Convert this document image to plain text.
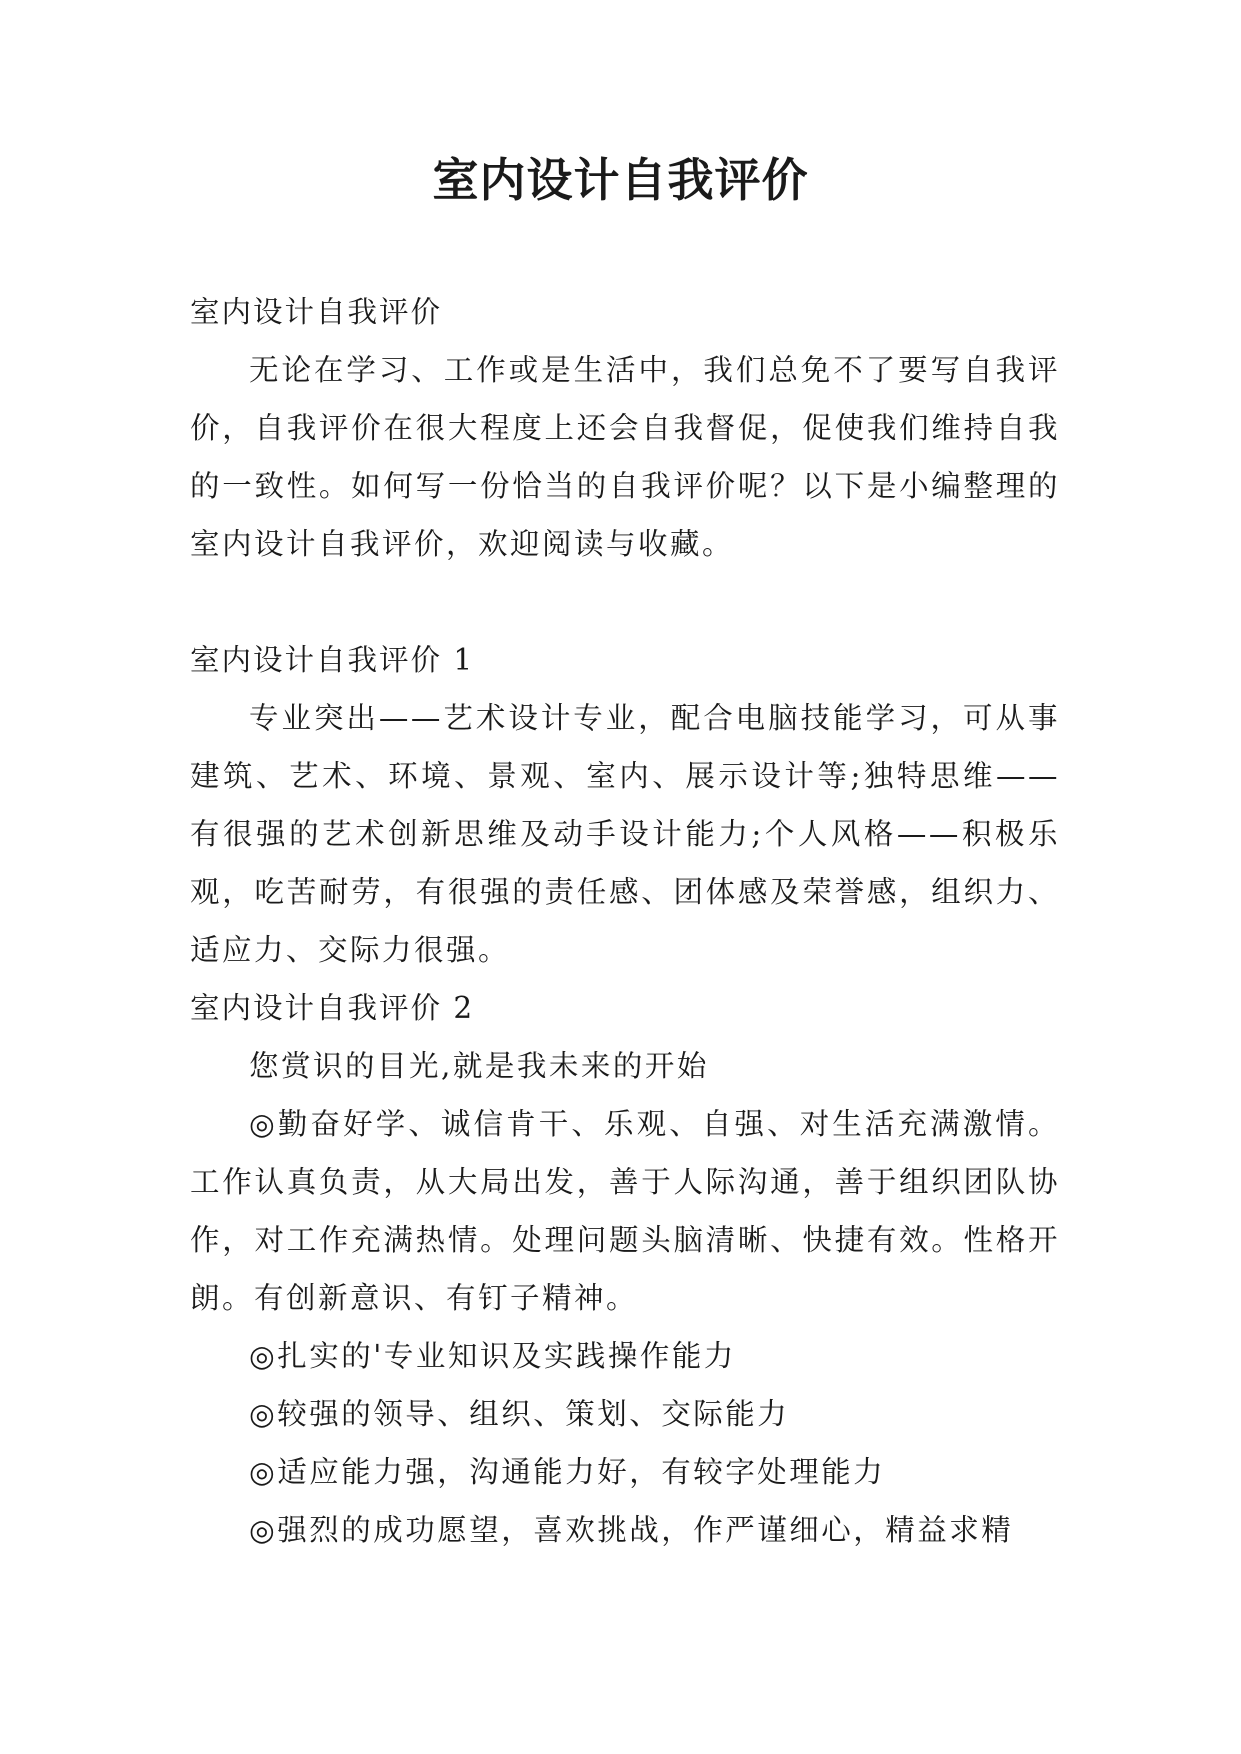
室内设计自我评价

室内设计自我评价

无论在学习、工作或是生活中，我们总免不了要写自我评价，自我评价在很大程度上还会自我督促，促使我们维持自我的一致性。如何写一份恰当的自我评价呢？以下是小编整理的室内设计自我评价，欢迎阅读与收藏。

室内设计自我评价 1

专业突出——艺术设计专业，配合电脑技能学习，可从事建筑、艺术、环境、景观、室内、展示设计等;独特思维——有很强的艺术创新思维及动手设计能力;个人风格——积极乐观，吃苦耐劳，有很强的责任感、团体感及荣誉感，组织力、适应力、交际力很强。

室内设计自我评价 2

您赏识的目光,就是我未来的开始

◎勤奋好学、诚信肯干、乐观、自强、对生活充满激情。工作认真负责，从大局出发，善于人际沟通，善于组织团队协作，对工作充满热情。处理问题头脑清晰、快捷有效。性格开朗。有创新意识、有钉子精神。

◎扎实的'专业知识及实践操作能力

◎较强的领导、组织、策划、交际能力

◎适应能力强，沟通能力好，有较字处理能力

◎强烈的成功愿望，喜欢挑战，作严谨细心，精益求精
